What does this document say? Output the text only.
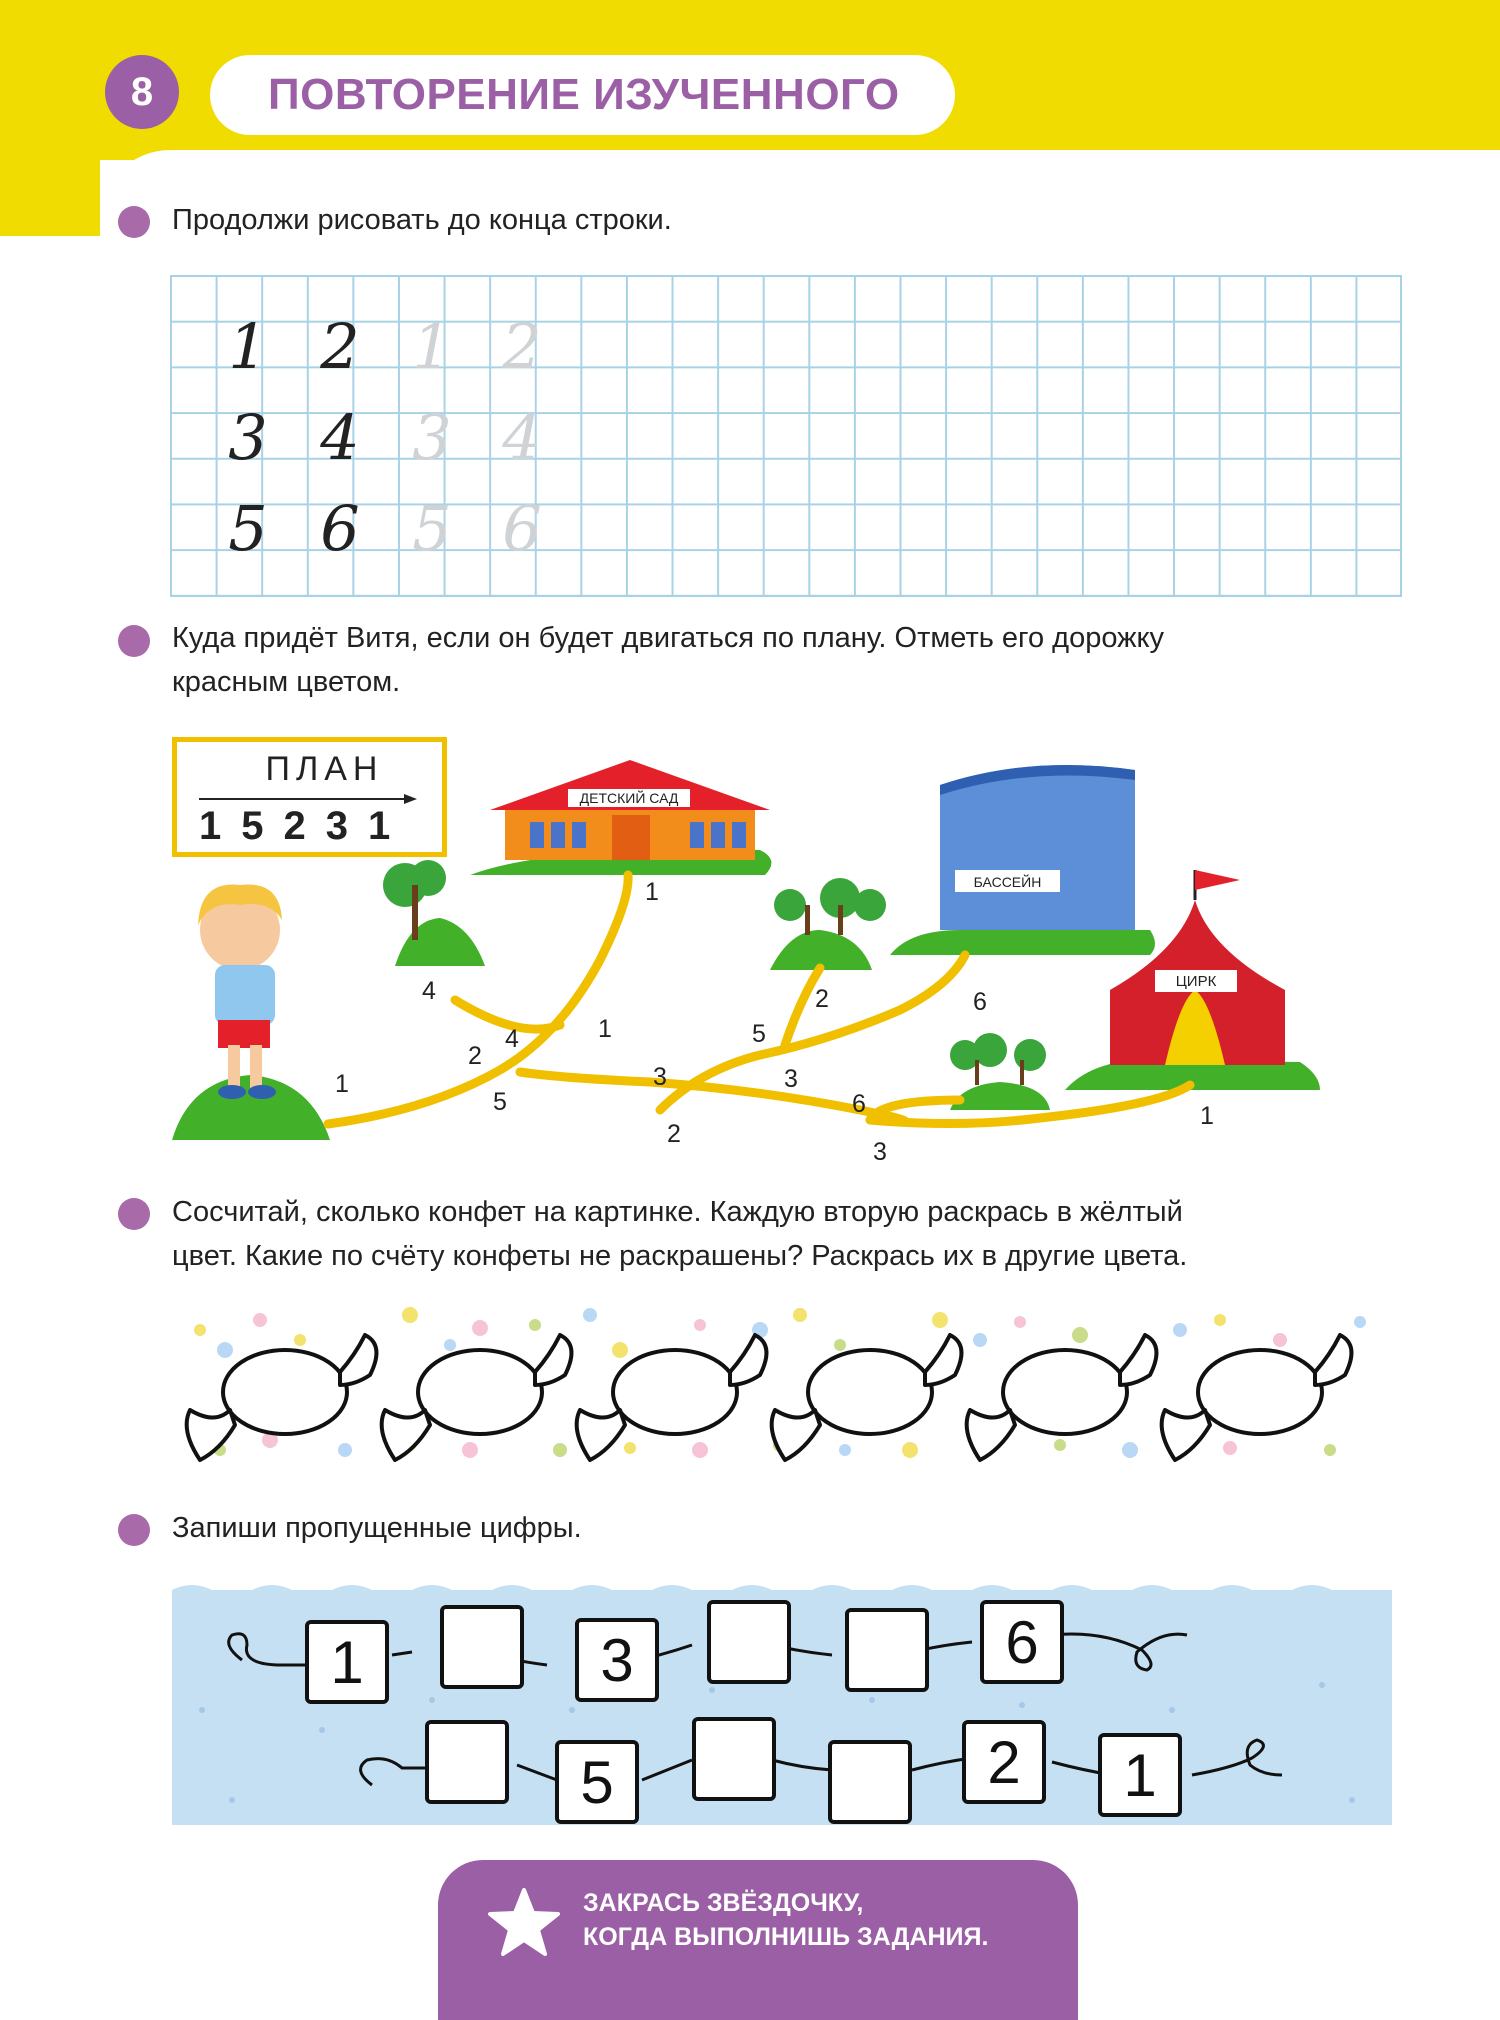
8	ПОВТОРЕНИЕ ИЗУЧЕННОГО
Продолжи рисовать до конца строки.
1 2 1 2
3 4 3 4
5 6 5 6
Куда придёт Витя, если он будет двигаться по плану. Отметь его дорожку
красным цветом.
ПЛАН
15231
ДЕТСКИЙ САД
БАССЕЙН
ЦИРК
1
4
2
4	1
5
3
2
3
5
6
3
2	6
1
1
Сосчитай, сколько конфет на картинке. Каждую вторую раскрась в жёлтый
цвет. Какие по счёту конфеты не раскрашены? Раскрась их в другие цвета.
Запиши пропущенные цифры.
1	3	6
5	2	1
ЗАКРАСЬ ЗВЁЗДОЧКУ,
КОГДА ВЫПОЛНИШЬ ЗАДАНИЯ.
